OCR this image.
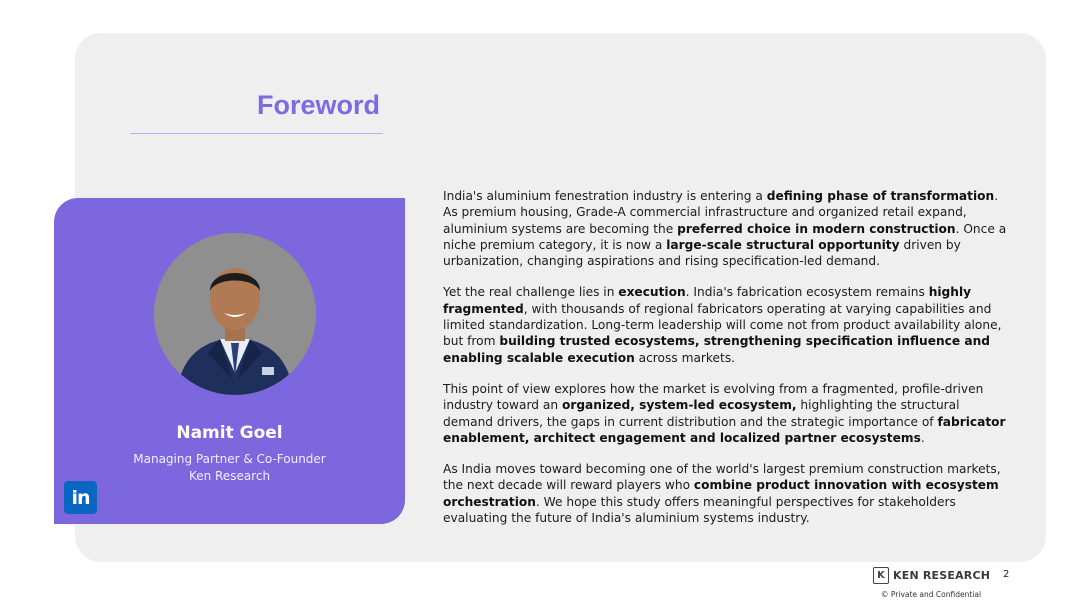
Foreword
Namit Goel
Managing Partner & Co-Founder
Ken Research
in

India's aluminium fenestration industry is entering a defining phase of transformation. As premium housing, Grade-A commercial infrastructure and organized retail expand, aluminium systems are becoming the preferred choice in modern construction. Once a niche premium category, it is now a large-scale structural opportunity driven by urbanization, changing aspirations and rising specification-led demand.

Yet the real challenge lies in execution. India's fabrication ecosystem remains highly fragmented, with thousands of regional fabricators operating at varying capabilities and limited standardization. Long-term leadership will come not from product availability alone, but from building trusted ecosystems, strengthening specification influence and enabling scalable execution across markets.

This point of view explores how the market is evolving from a fragmented, profile-driven industry toward an organized, system-led ecosystem, highlighting the structural demand drivers, the gaps in current distribution and the strategic importance of fabricator enablement, architect engagement and localized partner ecosystems.

As India moves toward becoming one of the world's largest premium construction markets, the next decade will reward players who combine product innovation with ecosystem orchestration. We hope this study offers meaningful perspectives for stakeholders evaluating the future of India's aluminium systems industry.

K KEN RESEARCH 2
© Private and Confidential
